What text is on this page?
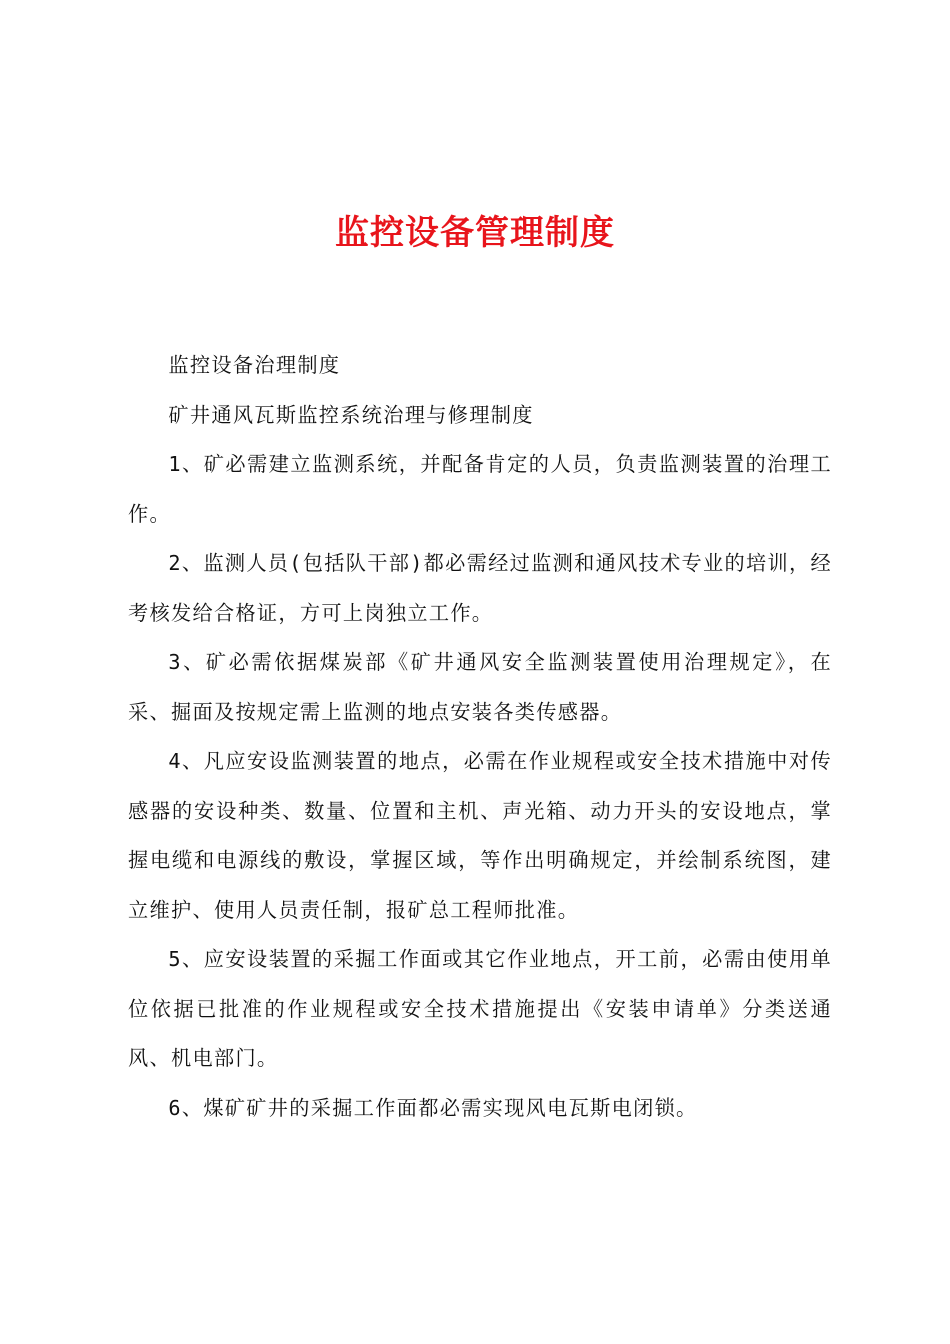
监控设备管理制度

监控设备治理制度

矿井通风瓦斯监控系统治理与修理制度

1、矿必需建立监测系统，并配备肯定的人员，负责监测装置的治理工作。

2、监测人员(包括队干部)都必需经过监测和通风技术专业的培训，经考核发给合格证，方可上岗独立工作。

3、矿必需依据煤炭部《矿井通风安全监测装置使用治理规定》，在采、掘面及按规定需上监测的地点安装各类传感器。

4、凡应安设监测装置的地点，必需在作业规程或安全技术措施中对传感器的安设种类、数量、位置和主机、声光箱、动力开头的安设地点，掌握电缆和电源线的敷设，掌握区域，等作出明确规定，并绘制系统图，建立维护、使用人员责任制，报矿总工程师批准。

5、应安设装置的采掘工作面或其它作业地点，开工前，必需由使用单位依据已批准的作业规程或安全技术措施提出《安装申请单》分类送通风、机电部门。

6、煤矿矿井的采掘工作面都必需实现风电瓦斯电闭锁。
